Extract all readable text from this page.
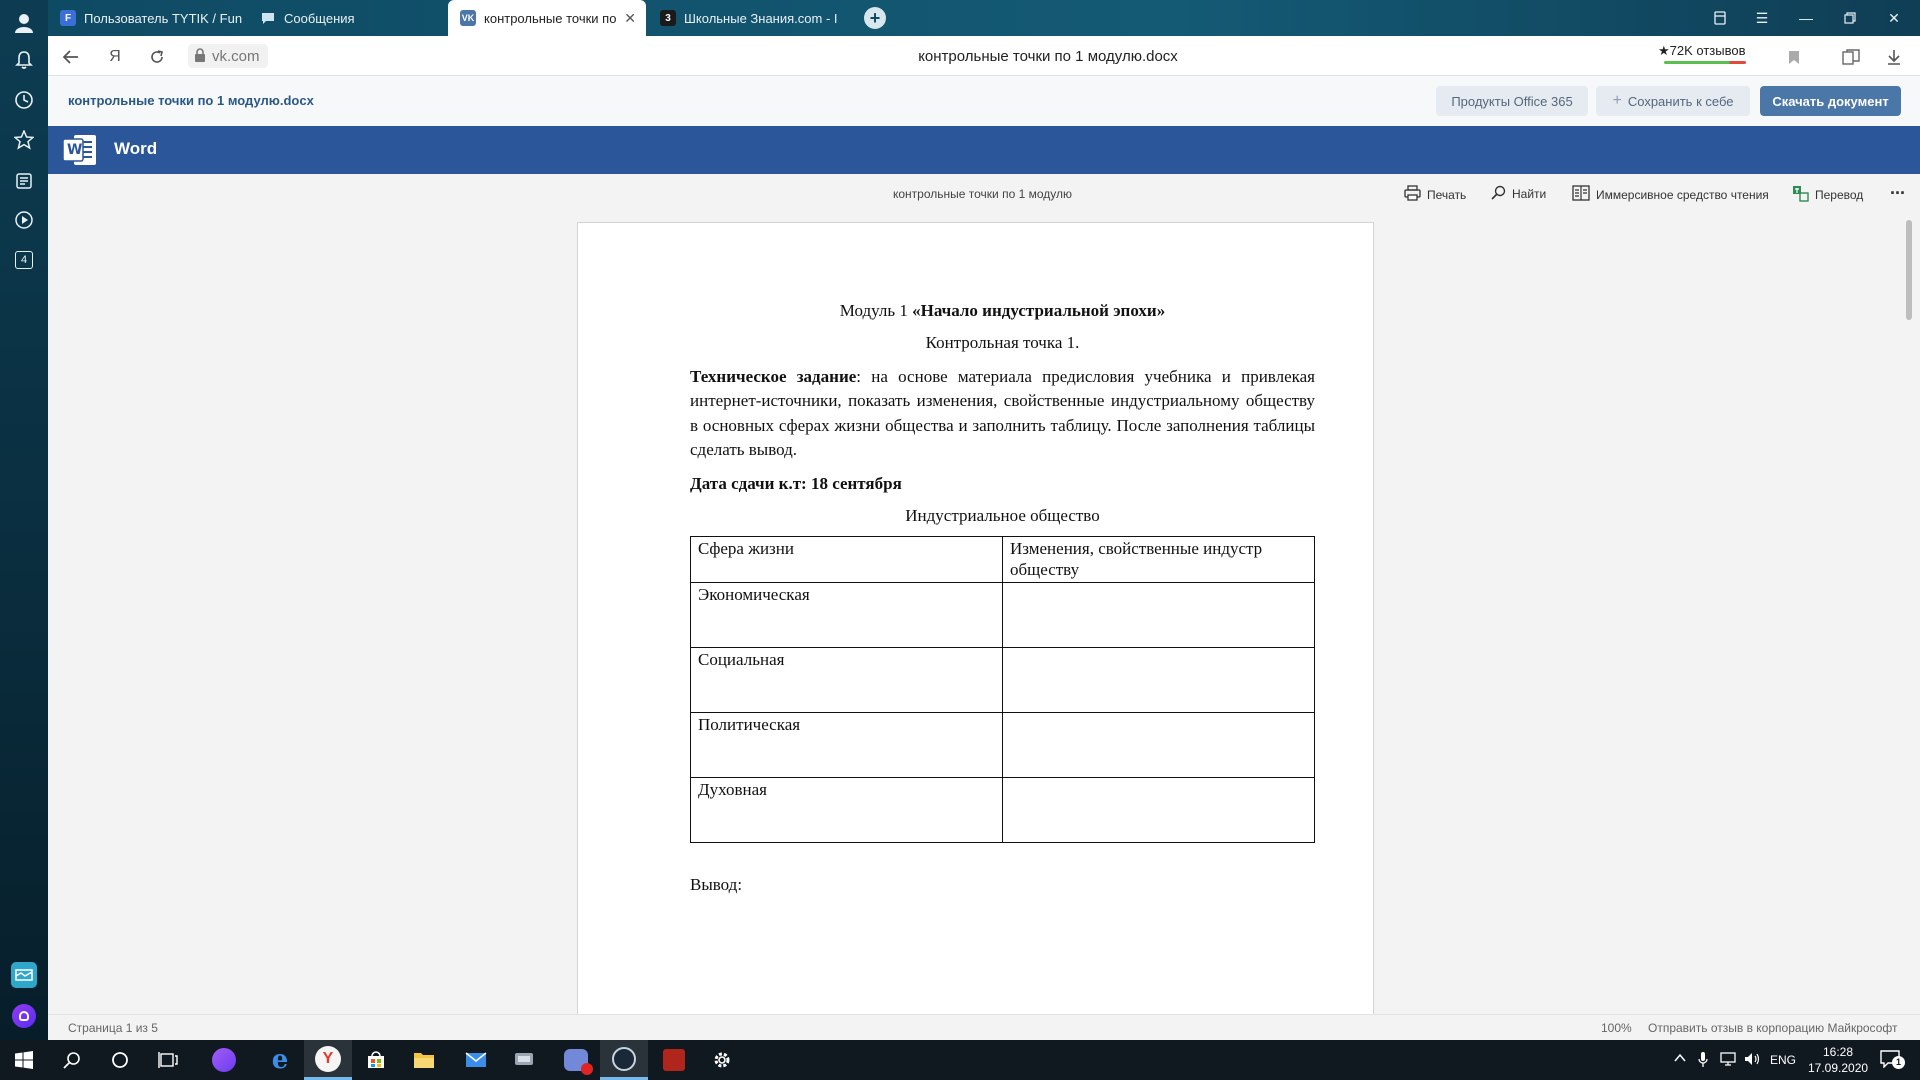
4
F Пользователь TYTIK / Fun	Сообщения	VK контрольные точки по ✕	3	Школьные Знания.com - I	+	☰ —	✕
Я	vk.com	контрольные точки по 1 модулю.docx	★72K отзывов
контрольные точки по 1 модулю.docx	Продукты Office 365	+ Сохранить к себе	Скачать документ
W Word
контрольные точки по 1 модулю	Печать	Найти	Иммерсивное средство чтения	Перевод ...
Модуль 1 «Начало индустриальной эпохи»
Контрольная точка 1.
Техническое задание: на основе материала предисловия учебника и привлекая интернет-источники, показать изменения, свойственные индустриальному обществу в основных сферах жизни общества и заполнить таблицу. После заполнения таблицы сделать вывод.
Дата сдачи к.т: 18 сентября
Индустриальное общество
Сфера жизни	Изменения, свойственные индустр обществу
Экономическая	
Социальная	
Политическая	
Духовная	
Вывод:
Страница 1 из 5	100% Отправить отзыв в корпорацию Майкрософт
e	Y	ENG
16:28
17.09.2020	1
